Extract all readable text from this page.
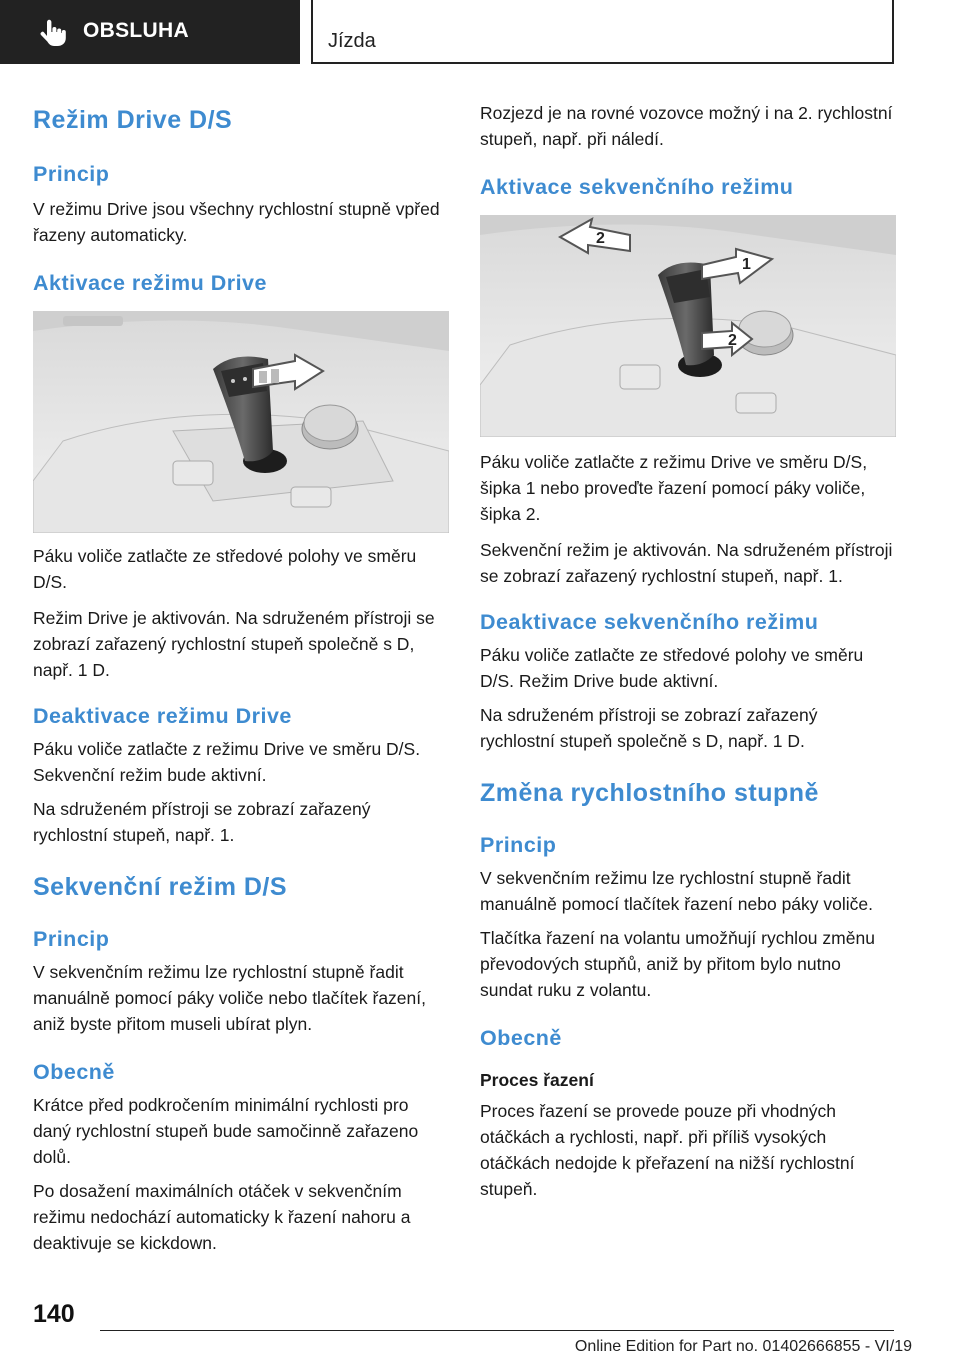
OBSLUHA	Jízda
Režim Drive D/S
Princip

V režimu Drive jsou všechny rychlostní stupně vpřed řazeny automaticky.

Aktivace režimu Drive

Páku voliče zatlačte ze středové polohy ve směru D/S.

Režim Drive je aktivován. Na sdruženém přístroji se zobrazí zařazený rychlostní stupeň společně s D, např. 1 D.

Deaktivace režimu Drive

Páku voliče zatlačte z režimu Drive ve směru D/S. Sekvenční režim bude aktivní.

Na sdruženém přístroji se zobrazí zařazený rychlostní stupeň, např. 1.

Sekvenční režim D/S
Princip

V sekvenčním režimu lze rychlostní stupně řadit manuálně pomocí páky voliče nebo tlačítek řazení, aniž byste přitom museli ubírat plyn.

Obecně

Krátce před podkročením minimální rychlosti pro daný rychlostní stupeň bude samočinně zařazeno dolů.

Po dosažení maximálních otáček v sekvenčním režimu nedochází automaticky k řazení nahoru a deaktivuje se kickdown.

Rozjezd je na rovné vozovce možný i na 2. rychlostní stupeň, např. při náledí.

Aktivace sekvenčního režimu
2
1
2

Páku voliče zatlačte z režimu Drive ve směru D/S, šipka 1 nebo proveďte řazení pomocí páky voliče, šipka 2.

Sekvenční režim je aktivován. Na sdruženém přístroji se zobrazí zařazený rychlostní stupeň, např. 1.

Deaktivace sekvenčního režimu

Páku voliče zatlačte ze středové polohy ve směru D/S. Režim Drive bude aktivní.

Na sdruženém přístroji se zobrazí zařazený rychlostní stupeň společně s D, např. 1 D.

Změna rychlostního stupně
Princip

V sekvenčním režimu lze rychlostní stupně řadit manuálně pomocí tlačítek řazení nebo páky voliče.

Tlačítka řazení na volantu umožňují rychlou změnu převodových stupňů, aniž by přitom bylo nutno sundat ruku z volantu.

Obecně
Proces řazení

Proces řazení se provede pouze při vhodných otáčkách a rychlosti, např. při příliš vysokých otáčkách nedojde k přeřazení na nižší rychlostní stupeň.

140
Online Edition for Part no. 01402666855 - VI/19
